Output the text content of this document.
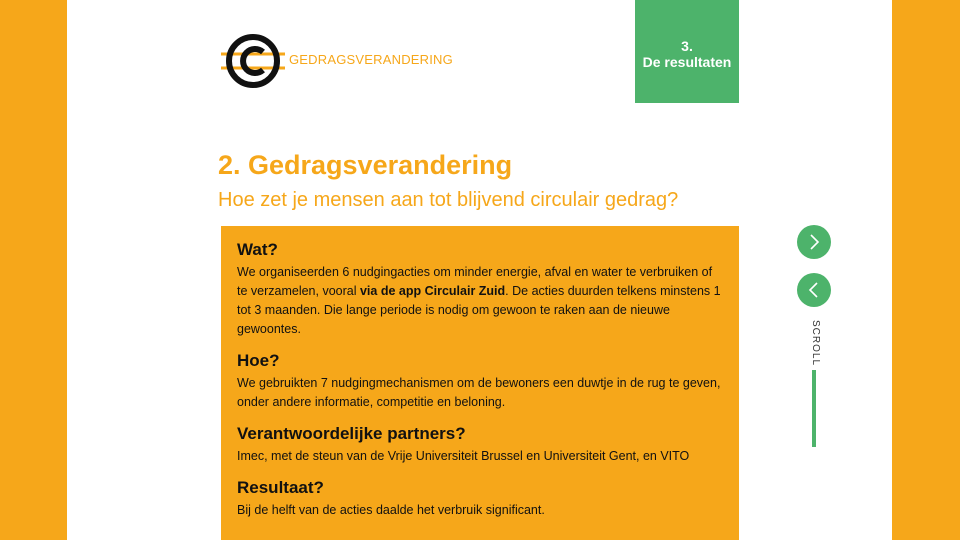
GEDRAGSVERANDERING
3.
De resultaten
2. Gedragsverandering
Hoe zet je mensen aan tot blijvend circulair gedrag?
Wat?

We organiseerden 6 nudgingacties om minder energie, afval en water te verbruiken of te verzamelen, vooral via de app Circulair Zuid. De acties duurden telkens minstens 1 tot 3 maanden. Die lange periode is nodig om gewoon te raken aan de nieuwe gewoontes.

Hoe?

We gebruikten 7 nudgingmechanismen om de bewoners een duwtje in de rug te geven, onder andere informatie, competitie en beloning.

Verantwoordelijke partners?

Imec, met de steun van de Vrije Universiteit Brussel en Universiteit Gent, en VITO

Resultaat?

Bij de helft van de acties daalde het verbruik significant.

SCROLL
